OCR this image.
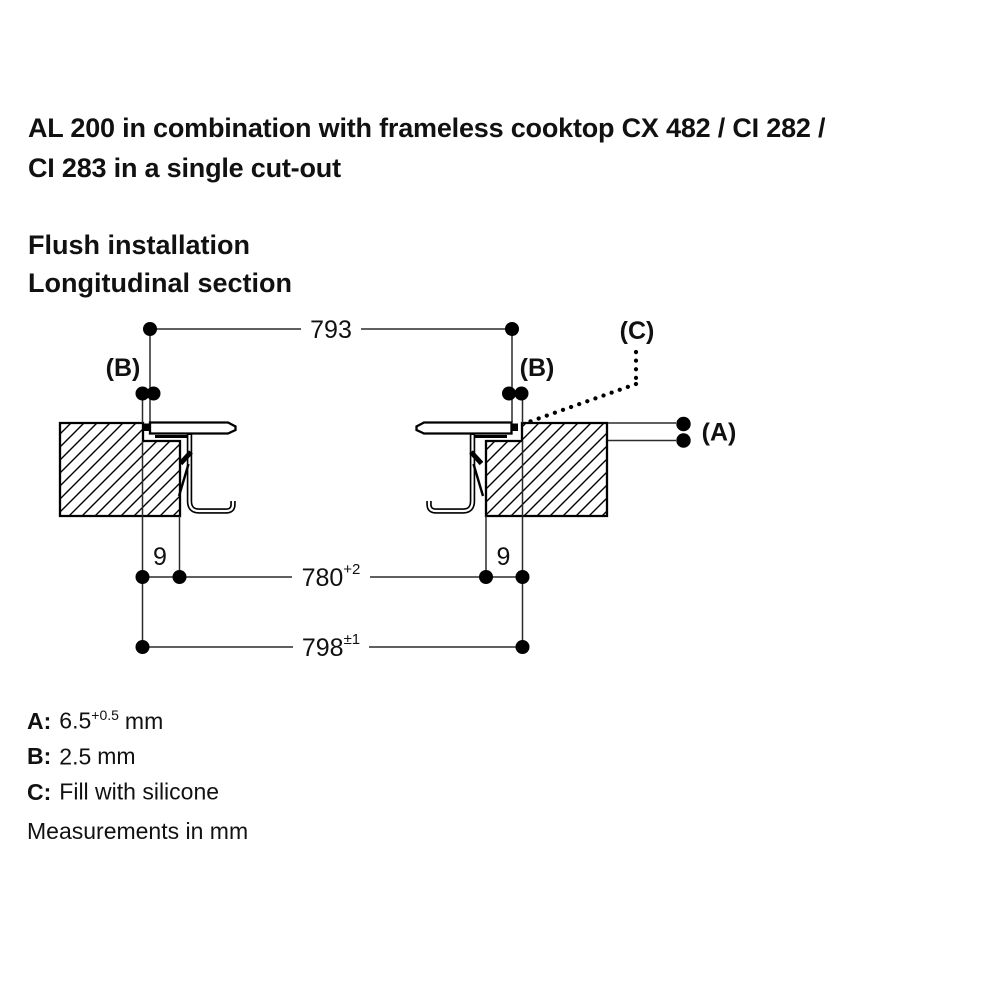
AL 200 in combination with frameless cooktop CX 482 / CI 282 /
CI 283 in a single cut-out
Flush installation
Longitudinal section
793
(B)	(B)
(C)
(A)
$780^{+2}$
9	9
$798^{\pm 1}$
A: $6.5^{+0.5}$ mm
B: 2.5 mm
C: Fill with silicone
Measurements in mm
